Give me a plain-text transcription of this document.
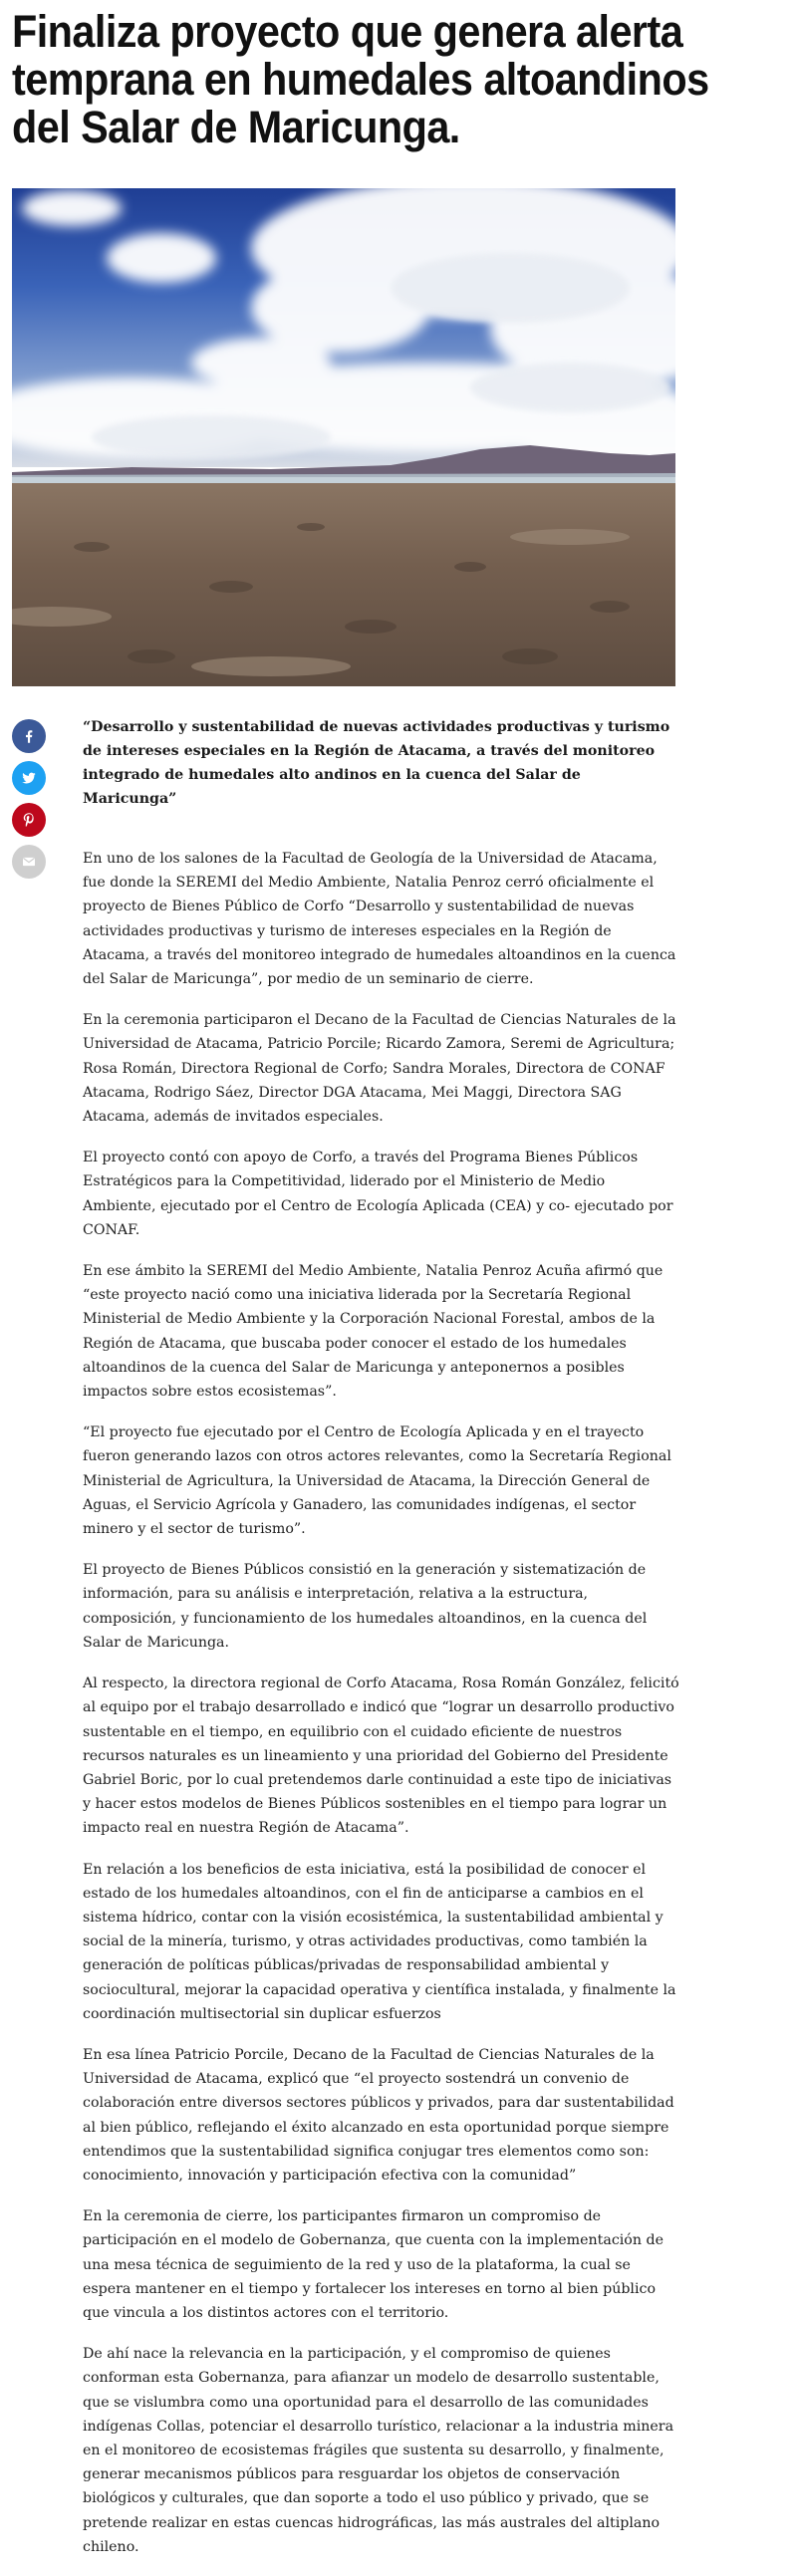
Finaliza proyecto que genera alerta temprana en humedales altoandinos del Salar de Maricunga.

“Desarrollo y sustentabilidad de nuevas actividades productivas y turismo de intereses especiales en la Región de Atacama, a través del monitoreo integrado de humedales alto andinos en la cuenca del Salar de Maricunga”

En uno de los salones de la Facultad de Geología de la Universidad de Atacama, fue donde la SEREMI del Medio Ambiente, Natalia Penroz cerró oficialmente el proyecto de Bienes Público de Corfo “Desarrollo y sustentabilidad de nuevas actividades productivas y turismo de intereses especiales en la Región de Atacama, a través del monitoreo integrado de humedales altoandinos en la cuenca del Salar de Maricunga”, por medio de un seminario de cierre.

En la ceremonia participaron el Decano de la Facultad de Ciencias Naturales de la Universidad de Atacama, Patricio Porcile; Ricardo Zamora, Seremi de Agricultura; Rosa Román, Directora Regional de Corfo; Sandra Morales, Directora de CONAF Atacama, Rodrigo Sáez, Director DGA Atacama, Mei Maggi, Directora SAG Atacama, además de invitados especiales.

El proyecto contó con apoyo de Corfo, a través del Programa Bienes Públicos Estratégicos para la Competitividad, liderado por el Ministerio de Medio Ambiente, ejecutado por el Centro de Ecología Aplicada (CEA) y co- ejecutado por CONAF.

En ese ámbito la SEREMI del Medio Ambiente, Natalia Penroz Acuña afirmó que “este proyecto nació como una iniciativa liderada por la Secretaría Regional Ministerial de Medio Ambiente y la Corporación Nacional Forestal, ambos de la Región de Atacama, que buscaba poder conocer el estado de los humedales altoandinos de la cuenca del Salar de Maricunga y anteponernos a posibles impactos sobre estos ecosistemas”.

“El proyecto fue ejecutado por el Centro de Ecología Aplicada y en el trayecto fueron generando lazos con otros actores relevantes, como la Secretaría Regional Ministerial de Agricultura, la Universidad de Atacama, la Dirección General de Aguas, el Servicio Agrícola y Ganadero, las comunidades indígenas, el sector minero y el sector de turismo”.

El proyecto de Bienes Públicos consistió en la generación y sistematización de información, para su análisis e interpretación, relativa a la estructura, composición, y funcionamiento de los humedales altoandinos, en la cuenca del Salar de Maricunga.

Al respecto, la directora regional de Corfo Atacama, Rosa Román González, felicitó al equipo por el trabajo desarrollado e indicó que “lograr un desarrollo productivo sustentable en el tiempo, en equilibrio con el cuidado eficiente de nuestros recursos naturales es un lineamiento y una prioridad del Gobierno del Presidente Gabriel Boric, por lo cual pretendemos darle continuidad a este tipo de iniciativas y hacer estos modelos de Bienes Públicos sostenibles en el tiempo para lograr un impacto real en nuestra Región de Atacama”.

En relación a los beneficios de esta iniciativa, está la posibilidad de conocer el estado de los humedales altoandinos, con el fin de anticiparse a cambios en el sistema hídrico, contar con la visión ecosistémica, la sustentabilidad ambiental y social de la minería, turismo, y otras actividades productivas, como también la generación de políticas públicas/privadas de responsabilidad ambiental y sociocultural, mejorar la capacidad operativa y científica instalada, y finalmente la coordinación multisectorial sin duplicar esfuerzos

En esa línea Patricio Porcile, Decano de la Facultad de Ciencias Naturales de la Universidad de Atacama, explicó que “el proyecto sostendrá un convenio de colaboración entre diversos sectores públicos y privados, para dar sustentabilidad al bien público, reflejando el éxito alcanzado en esta oportunidad porque siempre entendimos que la sustentabilidad significa conjugar tres elementos como son: conocimiento, innovación y participación efectiva con la comunidad”

En la ceremonia de cierre, los participantes firmaron un compromiso de participación en el modelo de Gobernanza, que cuenta con la implementación de una mesa técnica de seguimiento de la red y uso de la plataforma, la cual se espera mantener en el tiempo y fortalecer los intereses en torno al bien público que vincula a los distintos actores con el territorio.

De ahí nace la relevancia en la participación, y el compromiso de quienes conforman esta Gobernanza, para afianzar un modelo de desarrollo sustentable, que se vislumbra como una oportunidad para el desarrollo de las comunidades indígenas Collas, potenciar el desarrollo turístico, relacionar a la industria minera en el monitoreo de ecosistemas frágiles que sustenta su desarrollo, y finalmente, generar mecanismos públicos para resguardar los objetos de conservación biológicos y culturales, que dan soporte a todo el uso público y privado, que se pretende realizar en estas cuencas hidrográficas, las más australes del altiplano chileno.
